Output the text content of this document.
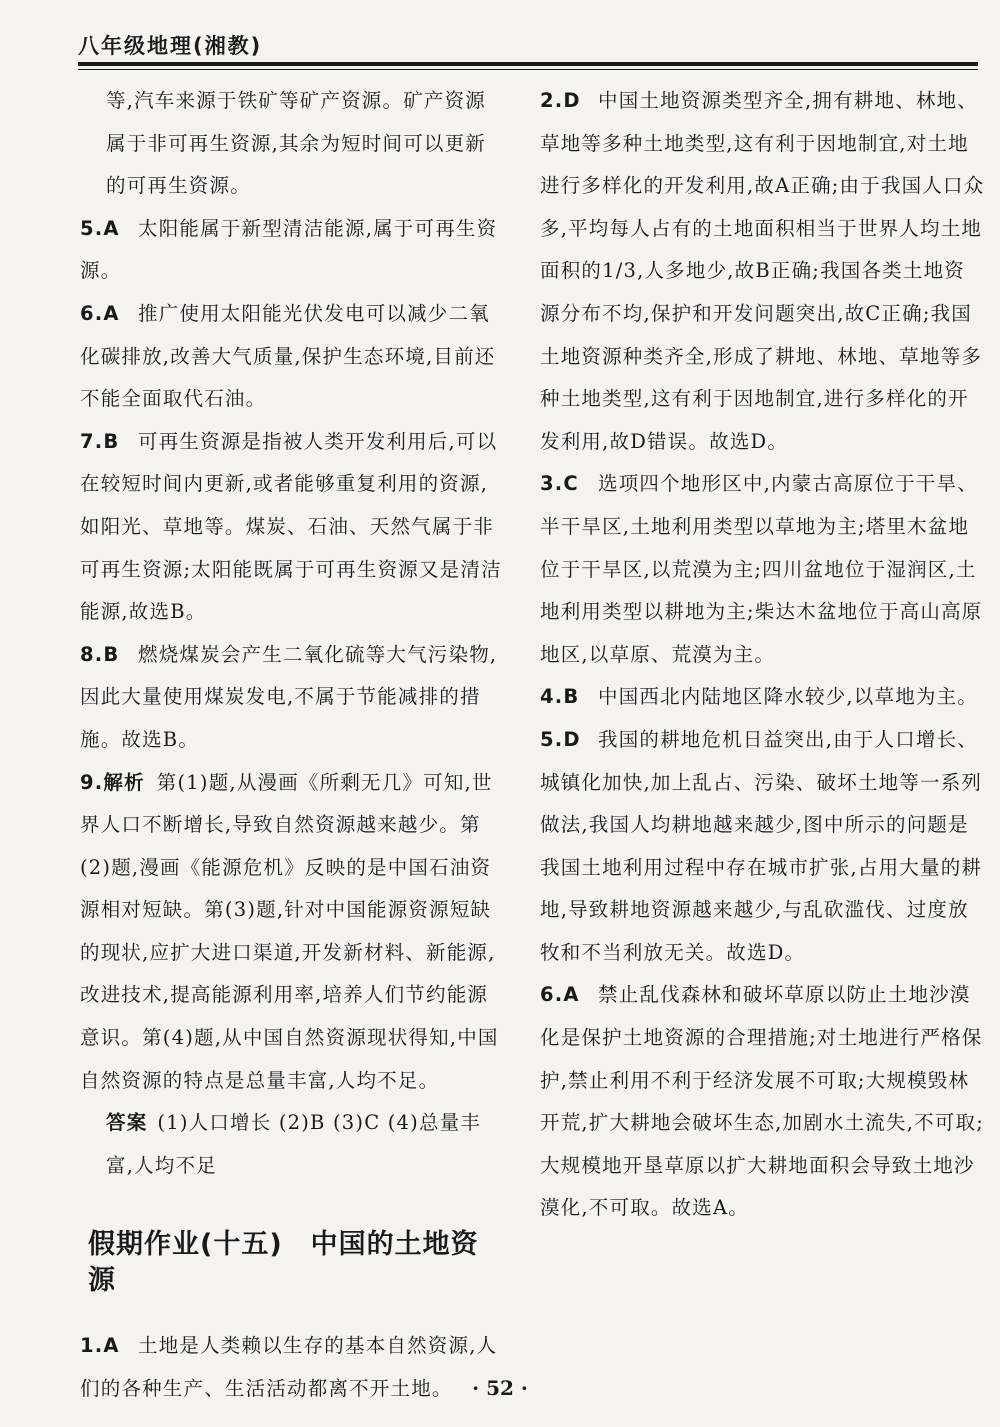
八年级地理(湘教)
等,汽车来源于铁矿等矿产资源。矿产资源属于非可再生资源,其余为短时间可以更新的可再生资源。
5.A 太阳能属于新型清洁能源,属于可再生资源。
6.A 推广使用太阳能光伏发电可以减少二氧化碳排放,改善大气质量,保护生态环境,目前还不能全面取代石油。
7.B 可再生资源是指被人类开发利用后,可以在较短时间内更新,或者能够重复利用的资源,如阳光、草地等。煤炭、石油、天然气属于非可再生资源;太阳能既属于可再生资源又是清洁能源,故选B。
8.B 燃烧煤炭会产生二氧化硫等大气污染物,因此大量使用煤炭发电,不属于节能减排的措施。故选B。
9.解析 第(1)题,从漫画《所剩无几》可知,世界人口不断增长,导致自然资源越来越少。第(2)题,漫画《能源危机》反映的是中国石油资源相对短缺。第(3)题,针对中国能源资源短缺的现状,应扩大进口渠道,开发新材料、新能源,改进技术,提高能源利用率,培养人们节约能源意识。第(4)题,从中国自然资源现状得知,中国自然资源的特点是总量丰富,人均不足。
答案 (1)人口增长 (2)B (3)C (4)总量丰富,人均不足
假期作业(十五)　中国的土地资源
1.A 土地是人类赖以生存的基本自然资源,人们的各种生产、生活活动都离不开土地。
2.D 中国土地资源类型齐全,拥有耕地、林地、草地等多种土地类型,这有利于因地制宜,对土地进行多样化的开发利用,故A正确;由于我国人口众多,平均每人占有的土地面积相当于世界人均土地面积的1/3,人多地少,故B正确;我国各类土地资源分布不均,保护和开发问题突出,故C正确;我国土地资源种类齐全,形成了耕地、林地、草地等多种土地类型,这有利于因地制宜,进行多样化的开发利用,故D错误。故选D。
3.C 选项四个地形区中,内蒙古高原位于干旱、半干旱区,土地利用类型以草地为主;塔里木盆地位于干旱区,以荒漠为主;四川盆地位于湿润区,土地利用类型以耕地为主;柴达木盆地位于高山高原地区,以草原、荒漠为主。
4.B 中国西北内陆地区降水较少,以草地为主。
5.D 我国的耕地危机日益突出,由于人口增长、城镇化加快,加上乱占、污染、破坏土地等一系列做法,我国人均耕地越来越少,图中所示的问题是我国土地利用过程中存在城市扩张,占用大量的耕地,导致耕地资源越来越少,与乱砍滥伐、过度放牧和不当利放无关。故选D。
6.A 禁止乱伐森林和破坏草原以防止土地沙漠化是保护土地资源的合理措施;对土地进行严格保护,禁止利用不利于经济发展不可取;大规模毁林开荒,扩大耕地会破坏生态,加剧水土流失,不可取;大规模地开垦草原以扩大耕地面积会导致土地沙漠化,不可取。故选A。
· 52 ·
